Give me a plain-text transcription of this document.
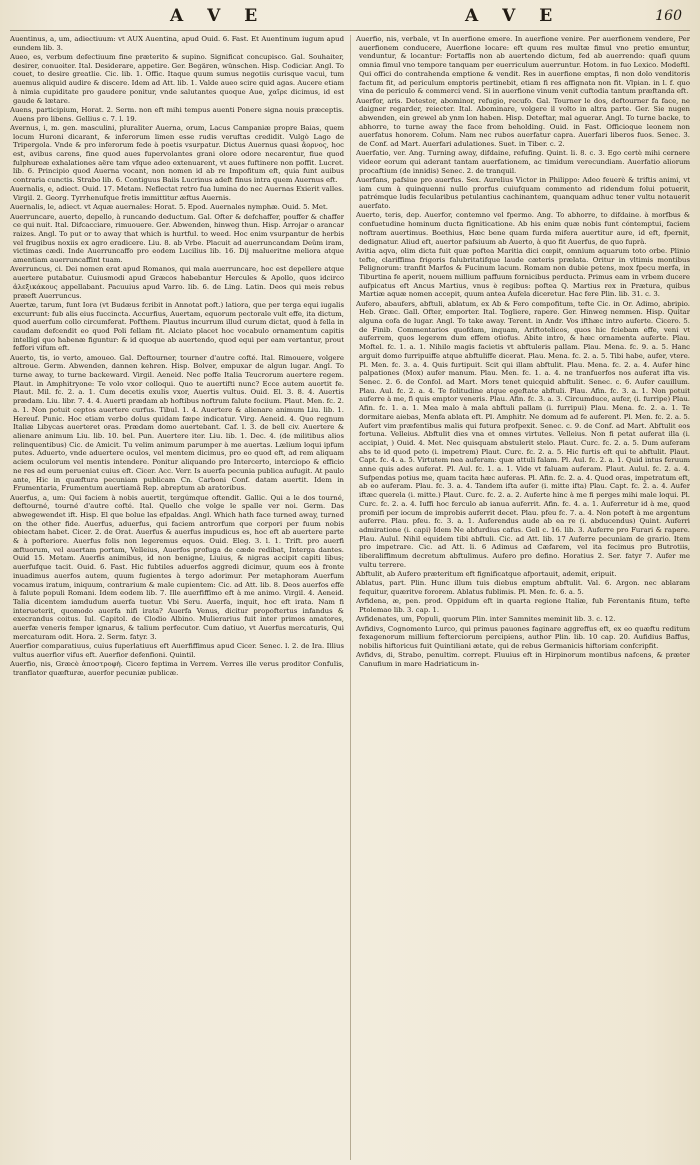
A V E	A V E	160

Auentinus, a, um, adiectiuum: vt AUX Auentina, apud Ouid. 6. Fast. Et Auentinum iugum apud eundem lib. 3.

Aueo, es, verbum defectiuum fine præterito & supino. Significat concupisco. Gal. Souhaiter, desirer, conuoiter. Ital. Desiderare, appetire. Ger. Begären, wünschen. Hisp. Codiciar. Angl. To couet, to desire greatlie. Cic. lib. 1. Offic. Itaque quum sumus negotiis curisque vacui, tum auemus aliquid audire & discere. Idem ad Att. lib. 1. Valde aueo scire quid agas. Aucere etiam à nimia cupiditate pro gaudere ponitur, vnde salutantes quoque Aue, χαῖρε dicimus, id est gaude & lætare.

Auens, participium, Horat. 2. Serm. non eft mihi tempus auenti Ponere signa nouis præceptis. Auens pro libens. Gellius c. 7. l. 19.

Avernus, i, m. gen. masculini, pluraliter Auerna, orum, Lacus Campaniæ propre Baias, quem locum Huroni dicarant, & inferorum limen esse rudis veruftas credidit. Vulgò Lago de Tripergola. Vnde & pro inferorum fede à poetis vsurpatur. Dictus Auernus quasi ἄορνος, hoc est, avibus carens, fine quod aues fupervolantes grani olore odore necarentur, fiue quod fulphureæ exhalationes aëre tam vfque adeo extenuarent, vt aues fuftinere non poffit. Lucret. lib. 6. Principio quod Auerna vocant, non nomen id ab re Impofitum eft, quia funt auibus contraria cunctis. Strabo lib. 6. Contiguus Baiis Lucrinus adeft finus intra quem Auernus eft.

Auernalis, e, adiect. Ouid. 17. Metam. Neflectat retro fua lumina do nec Auernas Exierit valles. Virgil. 2. Georg. Tyrrhenufque fretis immittitur æftus Auernis.

Auernalis, le, adiect. vt Aquæ auernales: Horat. 5. Epod. Auernales nymphæ. Ouid. 5. Met.

Auerruncare, auerto, depello, à runcando deductum. Gal. Ofter & defchaffer, pouffer & chaffer ce qui nuit. Ital. Difcacciare, rimuouere. Ger. Abwenden, hinweg thun. Hisp. Arrojar o arancar raizes. Angl. To put or to away that which is hurtful. to weed. Hoc enim vsurpantur de herbis vel frugibus noxiis ex agro eradicere. Liu. 8. ab Vrbe. Placuit ad auerruncandam Deûm iram, victimas cædi. Inde Auerruncaffo pro eodem Lucilius lib. 16. Dij malueritne meliora atque amentiam auerruncaffint tuam.

Averruncus, ci. Dei nomen erat apud Romanos, qui mala auerruncare, hoc est depellere atque auertere putabatur. Cuiusmodi apud Græcos habebantur Hercules & Apollo, quos idcirco ἀλεξικάκους appellabant. Pacuuius apud Varro. lib. 6. de Ling. Latin. Deos qui meis rebus præeft Auerruncus.

Auertæ, tarum, funt Iora (vt Budæus fcribit in Annotat poft.) latiora, que per terga equi iugalis excurrunt: fub alis eius fuccincta. Accurfius, Auertam, equorum pectorale vult effe, ita dictum, quod auerfum collo circumferat. Pofthem. Plautus incurrum illud curum dictat, quod à fella in caudam defcendit eo quod Poli fellam fit. Alciato placet hoc vocabulo ornamentum capitis intelligi quo habenæ figuntur: & id quoque ab auertendo, quod equi per eam vertantur, prout feffori vifum eft.

Auerto, tis, io verto, amoueo. Gal. Deftourner, tourner d'autre cofté. Ital. Rimouere, volgere altroue. Germ. Abwenden, dannen kehren. Hisp. Bolver, empuxar de algun lugar. Angl. To turne away, to turne backeward. Virgil. Aeneid. Nec poffe Italia Teucrorum auertere regem. Plaut. in Amphitryone: Te volo vxor colloqui. Quo te auertifti nunc? Ecce autem auortit fe. Plaut. Mil. fc. 2. a. 1. Cum decetis exulis vxor, Auertis vultus. Ouid. El. 3. 8. 4. Auertis prædam. Liu. libr. 7. 4. 4. Auerti prædam ab hoftibus noftrum falute fociium. Plaut. Men. fc. 2. a. 1. Non potuit ceptos auertere curfus. Tibul. 1. 4. Auertere & alienare animum Liu. lib. 1. Hereuf. Punic. Hoc etiam verbo dolus quidam fæpe indicatur. Virg. Aeneid. 4. Quo regnum Italiæ Libycas auerteret oras. Prædam domo auertebant. Caf. l. 3. de bell civ. Auertere & alienare animum Liu. lib. 10. bel. Pun. Auertere iter. Liu. lib. 1. Dec. 4. (de militibus alios relinquentibus) Cic. de Amicit. Tu velim animum parumper à me auertas. Lælium loqui ipfum putes. Aduerto, vnde aduertere oculos, vel mentem dicimus, pro eo quod eft, ad rem aliquam aciem oculorum vel mentis intendere. Ponitur aliquando pro Intercerto, interciopo & efficio ne res ad eum perueniat cuius eft. Cicer. Acc. Verr. Is auerfa pecunia publica aufugit. At paulo ante, Hic in quæftura pecuniam publicam Cn. Carboni Conf. datam auertit. Idem in Frumentaria, Frumentum auertiamâ Rep. abreptum ab aratoribus.

Auerfus, a, um: Qui faciem à nobis auertit, tergúmque oftendit. Gallic. Qui a le dos tourné, deftourné, tourné d'autre cofté. Ital. Quello che volge le spalle ver noi. Germ. Das abwegewendet ift. Hisp. El que bolue las efpaldas. Angl. Which hath face turned away, turned on the other fide. Auerfus, aduerfus, qui faciem antrorfum que corpori per fuum nobis obiectam habet. Cicer. 2. de Orat. Auerfus & auerfus impudicus es, hoc eft ab auertere parte & à pofteriore. Auerfus folis non legeremus equos. Ouid. Eleg. 3. l. 1. Trift. pro auerfi æftuorum, vel auertam portam, Velleius, Auerfos profuga de cæde redibat, Interga dantes. Ouid 15. Metam. Auerfis animibus, id non benigne, Liuius, & nigras accipit capiti libus; auerfufque tacit. Ouid. 6. Fast. Hic fubtiles aduerfos aggredi dicimur, quum eos à fronte inuadimus auerfos autem, quum fugientes à tergo adorimur. Per metaphoram Auerfum vocamus iratum, iniquum, contrarium & male cupientem: Cic. ad Att. lib. 8. Deos auerfos effe à falute populi Romani. Idem eodem lib. 7. Ille auerfiffimo eft à me animo. Virgil. 4. Aeneid. Talia dicentem iamdudum auerfa tuetur. Vbi Seru. Auerfa, inquit, hoc eft irata. Nam fi interueterit, quomodo auerfa nifi irata? Auerfa Venus, dicitur propoftertus infandus & execrandus coitus. Iul. Capitol. de Clodio Albino. Mulierarius fuit inter primos amatores, auerfæ veneris femper ignarus, & talium perfecutor. Cum datiuo, vt Auerfus mercaturis, Qui mercaturam odit. Hora. 2. Serm. fatyr. 3.

Auerfior comparatiuus, cuius fuperlatiuus eft Auerfiffimus apud Cicer. Senec. l. 2. de Ira. Illius vultus auerfior vifus eft. Auerfior defenfioni. Quintil.

Auerfio, nis, Græcè ἀποστροφὴ. Cicero feptima in Verrem. Verres ille verus proditor Confulis, tranflator quæfturæ, auerfor pecuniæ publicæ.

Auerfio, nis, verbale, vt In auerfione emere. In auerfione venire. Per auerfionem vendere, Per auerfionem conducere, Auerfione locare: eft quum res multæ fimul vno pretio emuntur, venduntur, & locantur: Fortaffis non ab auertendo dictum, fed ab auerrendo: quafi quum omnia fimul vno tempore tanquam per euerriculum auerruntur. Hotom. in fuo Lexico. Modeftl. Qui offici do contrahenda emptione & vendit. Res in auerfione emptas, fi non dolo venditoris factum fit, ad periculum emptoris pertinebit, etiam fi res affignata non fit. Vlpian. in l. f. quo vina de periculo & commerci vend. Si in auerfione vinum venit cuftodia tantum præftanda eft.

Auerfor, aris. Detestor, abominor, refugio, recufo. Gal. Tourner le dos, deftourner fa face, ne daigner regarder, reiecter. Ital. Abominare, volgere il volto in altra parte. Ger. Sie nugen abwenden, ein grewel ab ynm lon haben. Hisp. Deteftar, mal aguerar. Angl. To turne backe, to abhorre, to turne away the face from beholding. Ouid. in Fast. Officioque leonem non auerfatus honorem. Colum. Nam nec rubos auerfatur capra. Auerfari liberos fuos. Senec. 3. de Conf. ad Mart. Auerfari adulationes. Suet. in Tiber. c. 2.

Auerfatio, ver. Ang. Turning away, difdaine, refufing. Quint. li. 8. c. 3. Ego certè mihi cernere videor eorum qui aderant tantam auerfationem, ac timidum verecundiam. Auerfatio aliorum procaftium (de innidis) Senec. 2. de tranquil.

Auerfans, pafsiue pro auerfus. Sex. Aurelius Victor in Philippo: Adeo feuerè & triftis animi, vt iam cum à quinquenni nullo prorfus cuiufquam commento ad ridendum folui potuerit, patrémque ludis fecularibus petulantius cachinantem, quanquam adhuc tener vultu notauerit auerfato.

Auerto, teris, dep. Auerfor, contemno vel fpermo. Ang. To abhorre, to difdaine. à morfbus & confuetudine hominum ducta figniticatione. Ab his enim quæ nobis funt cóntemptui, faciem noftram auertimus. Boethius, Hæc bene quam furda mifera auertitur aure, id eft, fpernit, dedignatur. Aliud eft, auertor pafsiuum ab Auerto, à quo fit Auerfus, de quo fuprà.

Avitia aqva, olim dicta fuit quæ poftea Maritia dici cœpit, omnium aquarum toto orbe. Plinio tefte, clariffima frigoris falubritatifque laude cæteris prælata. Oritur in vltimis montibus Pelignorum: tranfit Marfos & Fucinum lacum. Romam non dubie petens, mox fpecu merfa, in Tiburtina fe aperit, nouem millium paffuum fornicibus perducta. Primus eam in vrbem ducere aufpicatus eft Ancus Martius, vnus è regibus: poftea Q. Martius rex in Prætura, quibus Martiæ aquæ nomen accepit, quum antea Aufela diceretur. Hac fere Plin. lib. 31. c. 3.

Aufero, abaufers, abftuli, ablatum, ex Ab & Fero compofitum, tefte Cic. in Or. Adimo, abripio. Heb. Græc. Gall. Ofter, emporter. Ital. Togliere, rapere. Ger. Hinweg nemmen. Hisp. Quitar alguna cofa de lugar. Angl. To take away. Terent. in Andr. Vos ifthæc intro auferte. Cicero. 5. de Finib. Commentarios quofdam, inquam, Ariftotelicos, quos hic fciebam effe, veni vt auferrem, quos legerem dum effem otiofus. Abite intro, & hæc ornamenta auferte. Plau. Moftel. fc. 1. a. 1. Nihilo magis facietis vt abftuleris pallam. Plau. Mena. fc. 9. a. 5. Hanc arguit domo furripuiffe atque abftuliffe dicerat. Plau. Mena. fc. 2. a. 5. Tibi habe, aufer, vtere. Pl. Men. fc. 3. a. 4. Quis furtipuit. Scit qui illam abftulit. Plau. Mena. fc. 2. a. 4. Aufer hinc palpationes (Mox) aufer manum. Plau. Men. fc. 1. a. 4. ne tranfuerfos nos auferat ifta vis. Senec. 2. 6. de Confol. ad Mart. Mors tenet quicquid abftulit. Senec. c. 6. Aufer cauillum. Plau. Aul. fc. 2. a. 4. Te folitudine atque egeftate abftuli. Plau. Afin. fc. 3. a. 1. Non potuit auferre à me, fi quis emptor veneris. Plau. Afin. fc. 3. a. 3. Circumduce, aufer, (i. furripe) Plau. Afin. fc. 1. a. 1. Mea malo à mala abftuli pallam (i. furripui) Plau. Mena. fc. 2. a. 1. Te dormitare aiebas, Menfa ablata eft. Pl. Amphitr. Ne domum ad fe auferent. Pl. Men. fc. 2. a. 5. Aufert vim præfentibus malis qui futura profpexit. Senec. c. 9. de Conf. ad Mart. Abftulit eos fortuna. Velleius. Abftulit dies vna et omnes virtutes. Velleius. Non fi petat auferat illa (i. accipiat, ) Ouid. 4. Met. Nec quisquam abstulerit stelo. Plaut. Curc. fc. 2. a. 5. Dum auferam abs te id quod peto (i. impetrem) Plaut. Curc. fc. 2. a. 5. Hic furtis eft qui te abftulit. Plaut. Capt. fc. 4. a. 5. Virtutem nea auferam: quæ attuli falam. Pl. Aul. fc. 2. a. 1. Quid intus feruum anne quis ades auferat. Pl. Aul. fc. 1. a. 1. Vide vt faluam auferam. Plaut. Aulul. fc. 2. a. 4. Sufpendas potius me, quam tacita hæc auferas. Pl. Afin. fc. 2. a. 4. Quod oras, impetratum eft, ab eo auferam. Plau. fc. 3. a. 4. Tandem ifta aufer (i. mitte ifta) Plau. Capt. fc. 2. a. 4. Aufer iftæc querela (i. mitte.) Plaut. Curc. fc. 2. a. 2. Auferte hinc à me fi perges mihi male loqui. Pl. Curc. fc. 2. a. 4. Iuffi hoc ferculo ab ianua auferrit. Afin. fc. 4. a. 1. Auferretur id à me, quod promifi per iocum de improbis auferrit decet. Plau. pfeu fc. 7. a. 4. Non poteft à me argentum auferre. Plau. pfeu. fc. 3. a. 1. Auferendus aude ab ea re (i. abducendus) Quint. Auferri admiratione (i. capi) Idem Ne abfurdius cafus. Gell c. 16. lib. 3. Auferre pro Furari & rapere. Plau. Aulul. Nihil equidem tibi abftuli. Cic. ad Att. lib. 17 Auferre pecuniam de grario. Item pro impetrare. Cic. ad Att. li. 6 Adimus ad Cæfarem, vel ita fecimus pro Butrotiis, liberaliffimum decretum abftulimus. Aufero pro defino. Horatius 2. Ser. fatyr 7. Aufer me vultu terrere.

Abftulit, ab Aufero præteritum eft fignificatque afportauit, ademit, eripuit.

Ablatus, part. Plin. Hunc illum tuis diebus emptum abftulit. Val. 6. Argon. nec ablaram fequitur, quæritve fororem. Ablatus fublimis. Pl. Men. fc. 6. a. 5.

Avfidena, æ, pen. prod. Oppidum eft in quarta regione Italiæ, fub Ferentanis fitum, tefte Ptolemao lib. 3. cap. 1.

Avfidenates, um, Populi, quorum Plin. inter Samnites meminit lib. 3. c. 12.

Avfidivs, Cognomento Lurco, qui primus pauones faginare aggreffus eft, ex eo quæftu reditum fexagenorum millium fefterciorum percipiens, author Plin. lib. 10 cap. 20. Aufidius Baffus, nobilis hiftoricus fuit Quintiliani ætate, qui de rebus Germanicis hiftoriam confcripfit.

Avfidvs, di, Strabo, penultim. corrept. Fluuius eft in Hirpinorum montibus nafcens, & præter Canufium in mare Hadriaticum in-
